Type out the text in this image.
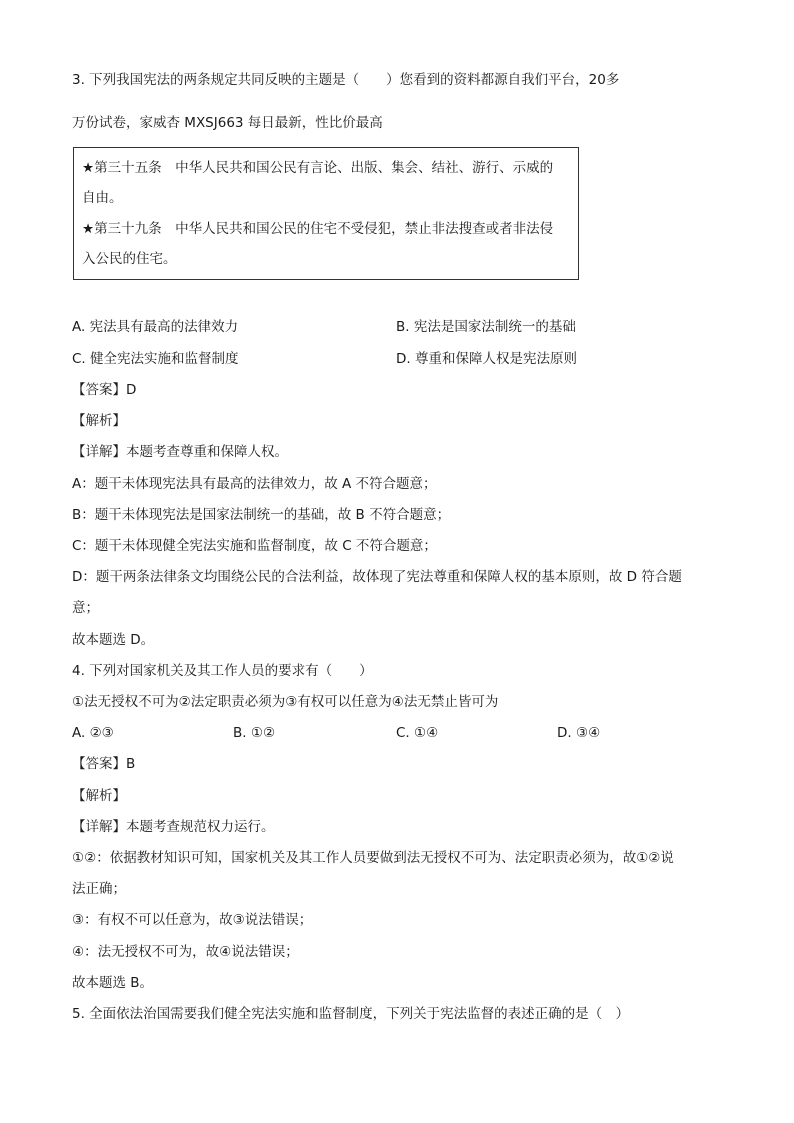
3. 下列我国宪法的两条规定共同反映的主题是（　　）您看到的资料都源自我们平台，20多
万份试卷，家威杏 MXSJ663 每日最新，性比价最高
★第三十五条　中华人民共和国公民有言论、出版、集会、结社、游行、示威的
自由。
★第三十九条　中华人民共和国公民的住宅不受侵犯，禁止非法搜查或者非法侵
入公民的住宅。
A. 宪法具有最高的法律效力	B. 宪法是国家法制统一的基础
C. 健全宪法实施和监督制度	D. 尊重和保障人权是宪法原则
【答案】D
【解析】
【详解】本题考查尊重和保障人权。
A：题干未体现宪法具有最高的法律效力，故 A 不符合题意；
B：题干未体现宪法是国家法制统一的基础，故 B 不符合题意；
C：题干未体现健全宪法实施和监督制度，故 C 不符合题意；
D：题干两条法律条文均围绕公民的合法利益，故体现了宪法尊重和保障人权的基本原则，故 D 符合题
意；
故本题选 D。
4. 下列对国家机关及其工作人员的要求有（　　）
①法无授权不可为②法定职责必须为③有权可以任意为④法无禁止皆可为
A. ②③	B. ①②	C. ①④	D. ③④
【答案】B
【解析】
【详解】本题考查规范权力运行。
①②：依据教材知识可知，国家机关及其工作人员要做到法无授权不可为、法定职责必须为，故①②说
法正确；
③：有权不可以任意为，故③说法错误；
④：法无授权不可为，故④说法错误；
故本题选 B。
5. 全面依法治国需要我们健全宪法实施和监督制度，下列关于宪法监督的表述正确的是（　）
